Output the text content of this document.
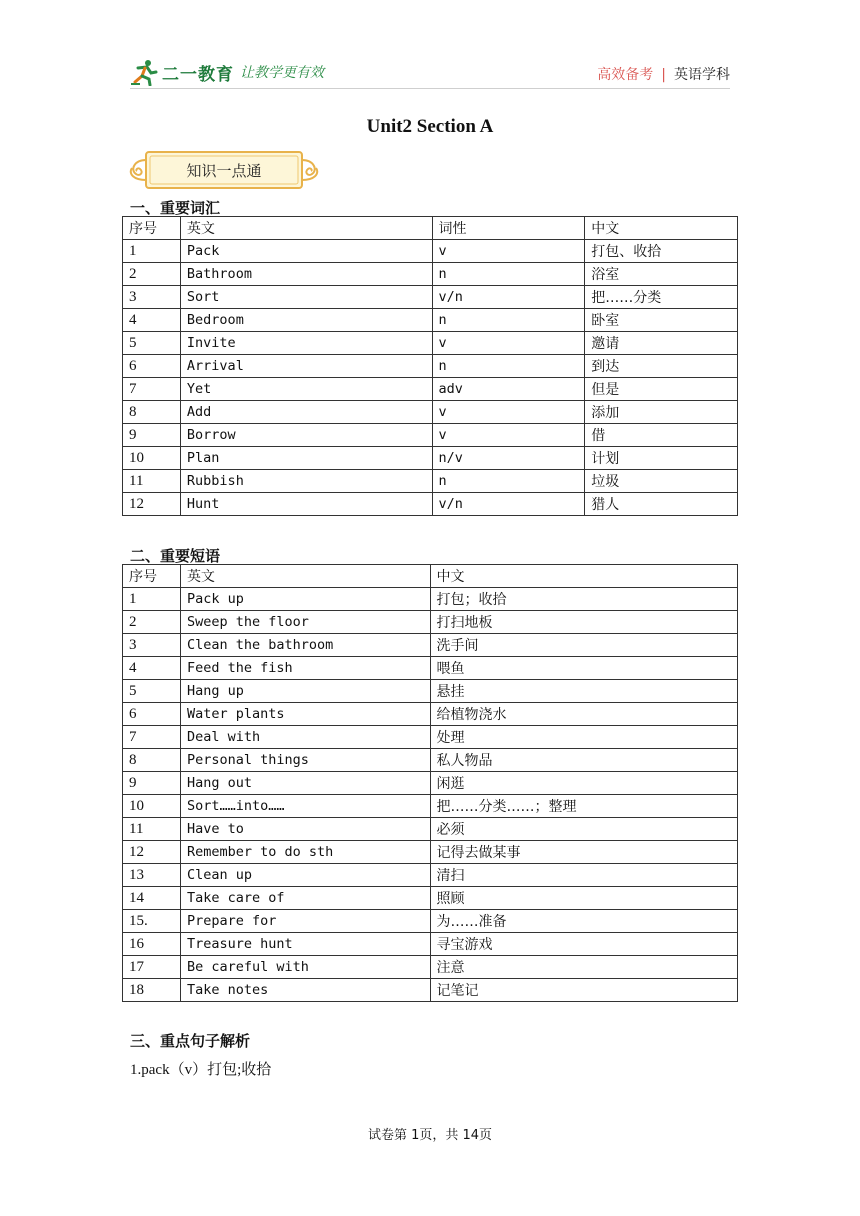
二一教育 让教学更有效	高效备考 | 英语学科
Unit2 Section A
知识一点通
一、重要词汇
序号	英文	词性	中文
1	Pack	v	打包、收拾
2	Bathroom	n	浴室
3	Sort	v/n	把……分类
4	Bedroom	n	卧室
5	Invite	v	邀请
6	Arrival	n	到达
7	Yet	adv	但是
8	Add	v	添加
9	Borrow	v	借
10	Plan	n/v	计划
11	Rubbish	n	垃圾
12	Hunt	v/n	猎人
二、重要短语
序号	英文	中文
1	Pack up	打包；收拾
2	Sweep the floor	打扫地板
3	Clean the bathroom	洗手间
4	Feed the fish	喂鱼
5	Hang up	悬挂
6	Water plants	给植物浇水
7	Deal with	处理
8	Personal things	私人物品
9	Hang out	闲逛
10	Sort……into……	把……分类……；整理
11	Have to	必须
12	Remember to do sth	记得去做某事
13	Clean up	清扫
14	Take care of	照顾
15.	Prepare for	为……准备
16	Treasure hunt	寻宝游戏
17	Be careful with	注意
18	Take notes	记笔记
三、重点句子解析
1.pack（v）打包;收拾
试卷第 1页，共 14页
